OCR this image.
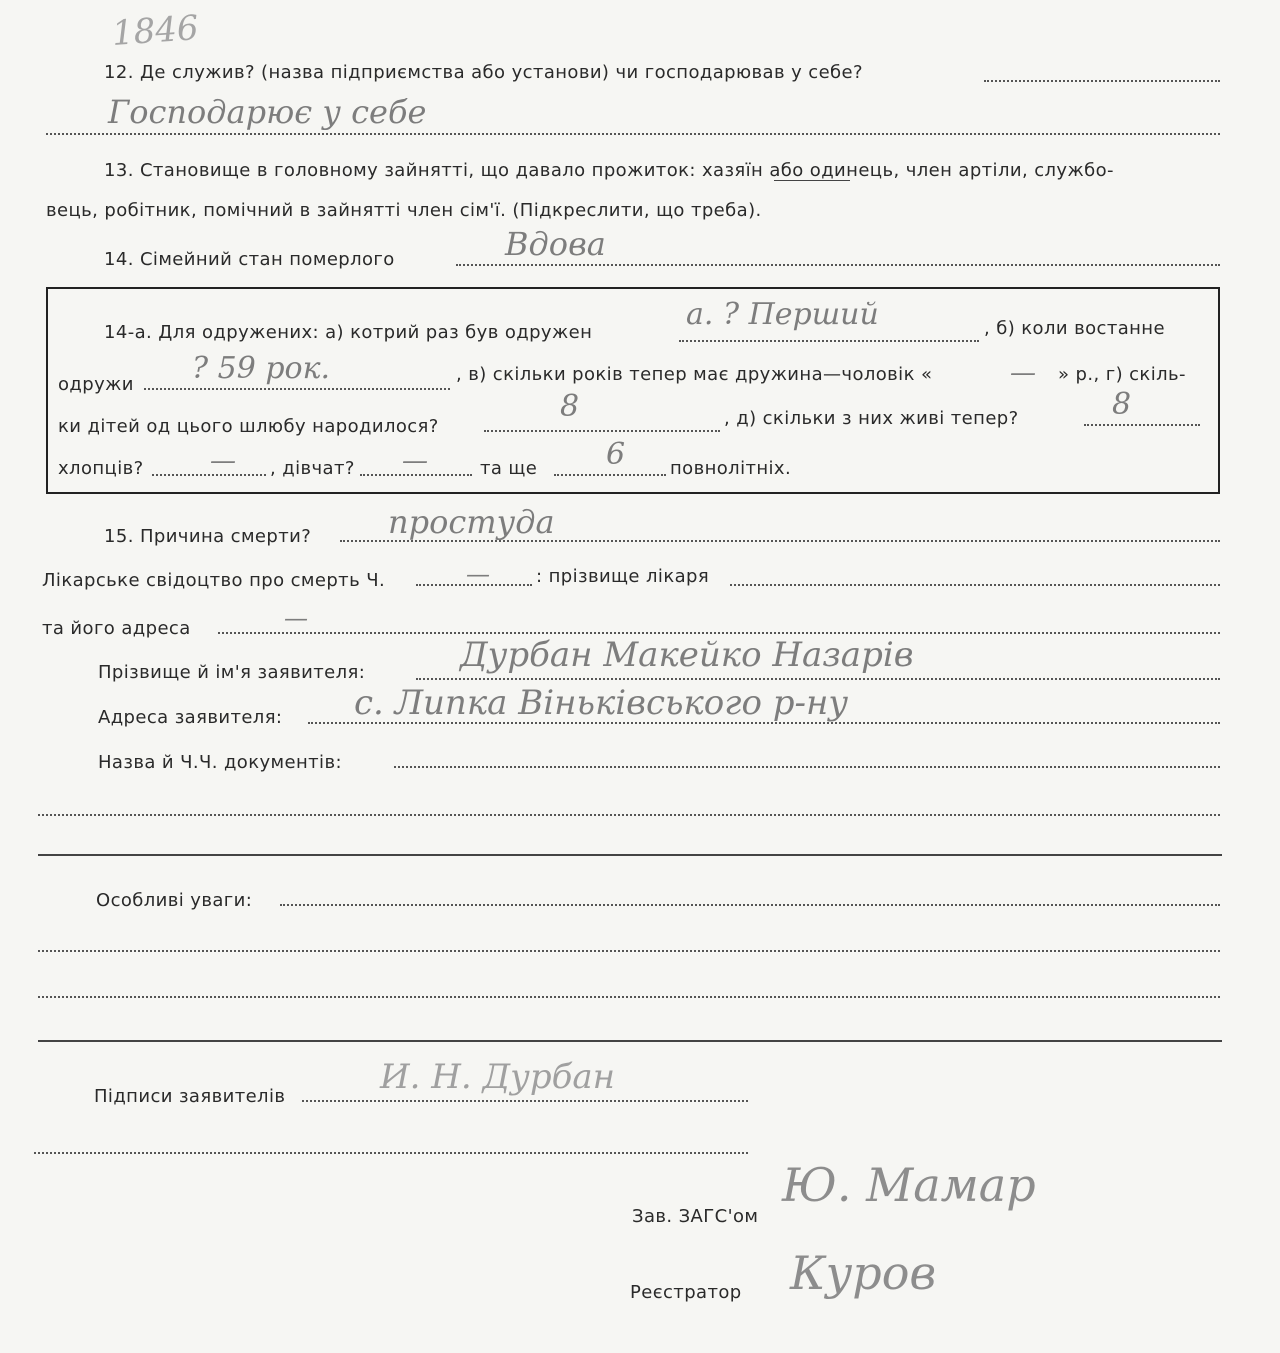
1846
12. Де служив? (назва підприємства або установи) чи господарював у себе?
Господарює у себе
13. Становище в головному зайнятті, що давало прожиток: хазяїн або одинець, член артіли, службо-
вець, робітник, помічний в зайнятті член сім'ї. (Підкреслити, що треба).
14. Сімейний стан померлого	Вдова
14-а. Для одружених: а) котрий раз був одружен
а. ? Перший	, б) коли востанне
одружи ? 59 рок.	, в) скільки років тепер має дружина—чоловік «	— » р., г) скіль-
ки дітей од цього шлюбу народилося?
8	, д) скільки з них живі тепер?	8
хлопців?	— , дівчат? —	та ще 6 повнолітніх.
15. Причина смерти? простуда
Лікарське свідоцтво про смерть Ч.	—	: прізвище лікаря
та його адреса	—
Прізвище й ім'я заявителя:	Дурбан Макейко Назарів
Адреса заявителя: с. Липка Віньківського р-ну
Назва й Ч.Ч. документів:
Особливі уваги:
Підписи заявителів	И. Н. Дурбан
Зав. ЗАГС'ом
Ю. Мамар
Реєстратор Куров
